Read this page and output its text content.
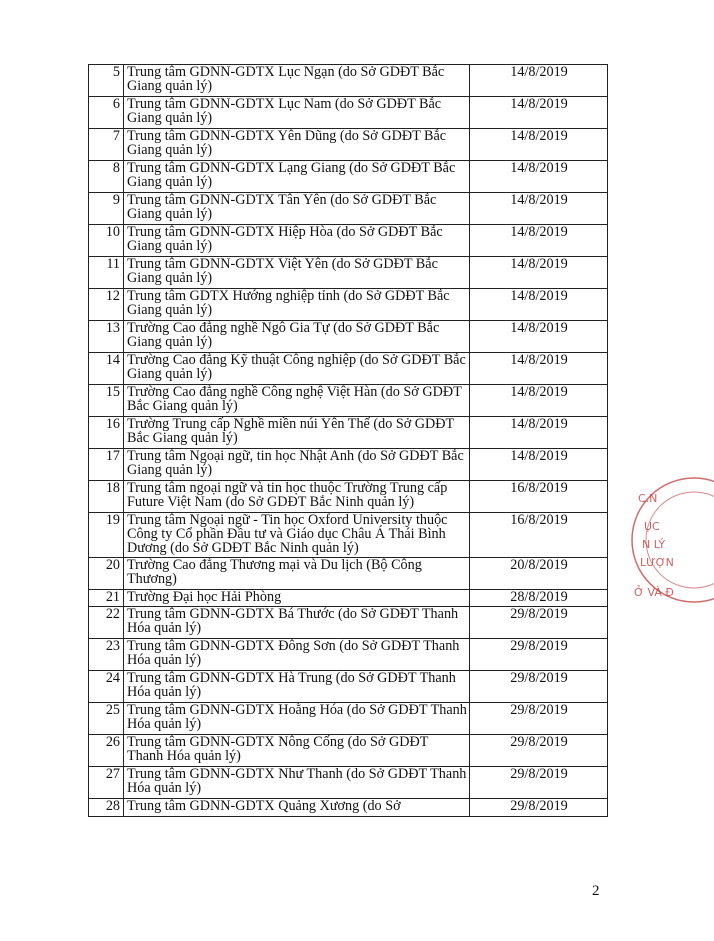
5	Trung tâm GDNN-GDTX Lục Ngạn (do Sở GDĐT Bắc Giang quản lý)	14/8/2019
6	Trung tâm GDNN-GDTX Lục Nam (do Sở GDĐT Bắc Giang quản lý)	14/8/2019
7	Trung tâm GDNN-GDTX Yên Dũng (do Sở GDĐT Bắc Giang quản lý)	14/8/2019
8	Trung tâm GDNN-GDTX Lạng Giang (do Sở GDĐT Bắc Giang quản lý)	14/8/2019
9	Trung tâm GDNN-GDTX Tân Yên (do Sở GDĐT Bắc Giang quản lý)	14/8/2019
10	Trung tâm GDNN-GDTX Hiệp Hòa (do Sở GDĐT Bắc Giang quản lý)	14/8/2019
11	Trung tâm GDNN-GDTX Việt Yên (do Sở GDĐT Bắc Giang quản lý)	14/8/2019
12	Trung tâm GDTX Hướng nghiệp tỉnh (do Sở GDĐT Bắc Giang quản lý)	14/8/2019
13	Trường Cao đẳng nghề Ngô Gia Tự (do Sở GDĐT Bắc Giang quản lý)	14/8/2019
14	Trường Cao đẳng Kỹ thuật Công nghiệp (do Sở GDĐT Bắc Giang quản lý)	14/8/2019
15	Trường Cao đẳng nghề Công nghệ Việt Hàn (do Sở GDĐT Bắc Giang quản lý)	14/8/2019
16	Trường Trung cấp Nghề miền núi Yên Thế (do Sở GDĐT Bắc Giang quản lý)	14/8/2019
17	Trung tâm Ngoại ngữ, tin học Nhật Anh (do Sở GDĐT Bắc Giang quản lý)	14/8/2019
18	Trung tâm ngoại ngữ và tin học thuộc Trường Trung cấp Future Việt Nam (do Sở GDĐT Bắc Ninh quản lý)	16/8/2019
19	Trung tâm Ngoại ngữ - Tin học Oxford University thuộc Công ty Cổ phần Đầu tư và Giáo dục Châu Á Thái Bình Dương (do Sở GDĐT Bắc Ninh quản lý)	16/8/2019
20	Trường Cao đẳng Thương mại và Du lịch (Bộ Công Thương)	20/8/2019
21	Trường Đại học Hải Phòng	28/8/2019
22	Trung tâm GDNN-GDTX Bá Thước (do Sở GDĐT Thanh Hóa quản lý)	29/8/2019
23	Trung tâm GDNN-GDTX Đông Sơn (do Sở GDĐT Thanh Hóa quản lý)	29/8/2019
24	Trung tâm GDNN-GDTX Hà Trung (do Sở GDĐT Thanh Hóa quản lý)	29/8/2019
25	Trung tâm GDNN-GDTX Hoằng Hóa (do Sở GDĐT Thanh Hóa quản lý)	29/8/2019
26	Trung tâm GDNN-GDTX Nông Cống (do Sở GDĐT Thanh Hóa quản lý)	29/8/2019
27	Trung tâm GDNN-GDTX Như Thanh (do Sở GDĐT Thanh Hóa quản lý)	29/8/2019
28	Trung tâm GDNN-GDTX Quảng Xương (do Sở	29/8/2019
C.N
ỤC
N LÝ
LƯỢN
Ở VÀ Đ
2
